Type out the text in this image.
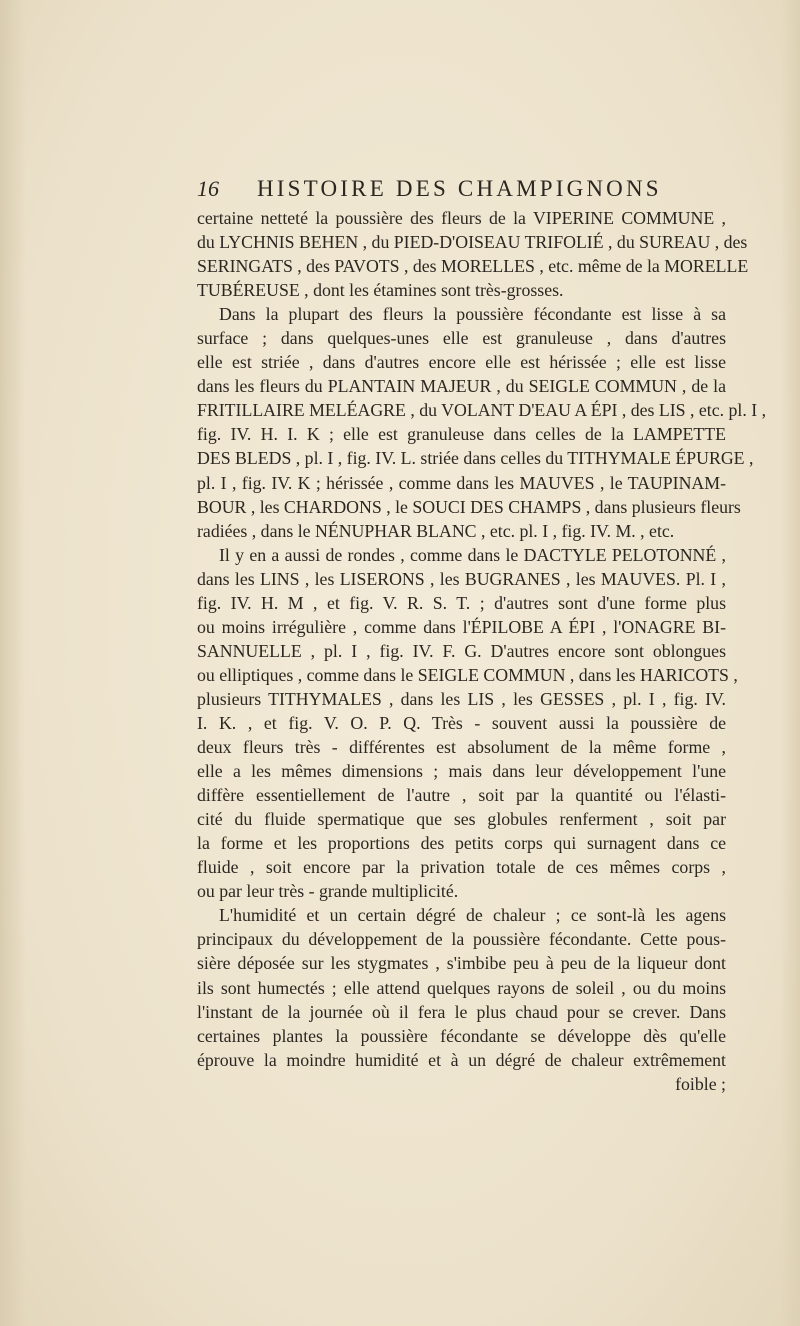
16	HISTOIRE DES CHAMPIGNONS
certaine netteté la poussière des fleurs de la VIPERINE COMMUNE ,
du LYCHNIS BEHEN , du PIED-D'OISEAU TRIFOLIÉ , du SUREAU , des
SERINGATS , des PAVOTS , des MORELLES , etc. même de la MORELLE
TUBÉREUSE , dont les étamines sont très-grosses.
Dans la plupart des fleurs la poussière fécondante est lisse à sa
surface ; dans quelques-unes elle est granuleuse , dans d'autres
elle est striée , dans d'autres encore elle est hérissée ; elle est lisse
dans les fleurs du PLANTAIN MAJEUR , du SEIGLE COMMUN , de la
FRITILLAIRE MELÉAGRE , du VOLANT D'EAU A ÉPI , des LIS , etc. pl. I ,
fig. IV. H. I. K ; elle est granuleuse dans celles de la LAMPETTE
DES BLEDS , pl. I , fig. IV. L. striée dans celles du TITHYMALE ÉPURGE ,
pl. I , fig. IV. K ; hérissée , comme dans les MAUVES , le TAUPINAM-
BOUR , les CHARDONS , le SOUCI DES CHAMPS , dans plusieurs fleurs
radiées , dans le NÉNUPHAR BLANC , etc. pl. I , fig. IV. M. , etc.
Il y en a aussi de rondes , comme dans le DACTYLE PELOTONNÉ ,
dans les LINS , les LISERONS , les BUGRANES , les MAUVES. Pl. I ,
fig. IV. H. M , et fig. V. R. S. T. ; d'autres sont d'une forme plus
ou moins irrégulière , comme dans l'ÉPILOBE A ÉPI , l'ONAGRE BI-
SANNUELLE , pl. I , fig. IV. F. G. D'autres encore sont oblongues
ou elliptiques , comme dans le SEIGLE COMMUN , dans les HARICOTS ,
plusieurs TITHYMALES , dans les LIS , les GESSES , pl. I , fig. IV.
I. K. , et fig. V. O. P. Q. Très - souvent aussi la poussière de
deux fleurs très - différentes est absolument de la même forme ,
elle a les mêmes dimensions ; mais dans leur développement l'une
diffère essentiellement de l'autre , soit par la quantité ou l'élasti-
cité du fluide spermatique que ses globules renferment , soit par
la forme et les proportions des petits corps qui surnagent dans ce
fluide , soit encore par la privation totale de ces mêmes corps ,
ou par leur très - grande multiplicité.
L'humidité et un certain dégré de chaleur ; ce sont-là les agens
principaux du développement de la poussière fécondante. Cette pous-
sière déposée sur les stygmates , s'imbibe peu à peu de la liqueur dont
ils sont humectés ; elle attend quelques rayons de soleil , ou du moins
l'instant de la journée où il fera le plus chaud pour se crever. Dans
certaines plantes la poussière fécondante se développe dès qu'elle
éprouve la moindre humidité et à un dégré de chaleur extrêmement
foible ;
